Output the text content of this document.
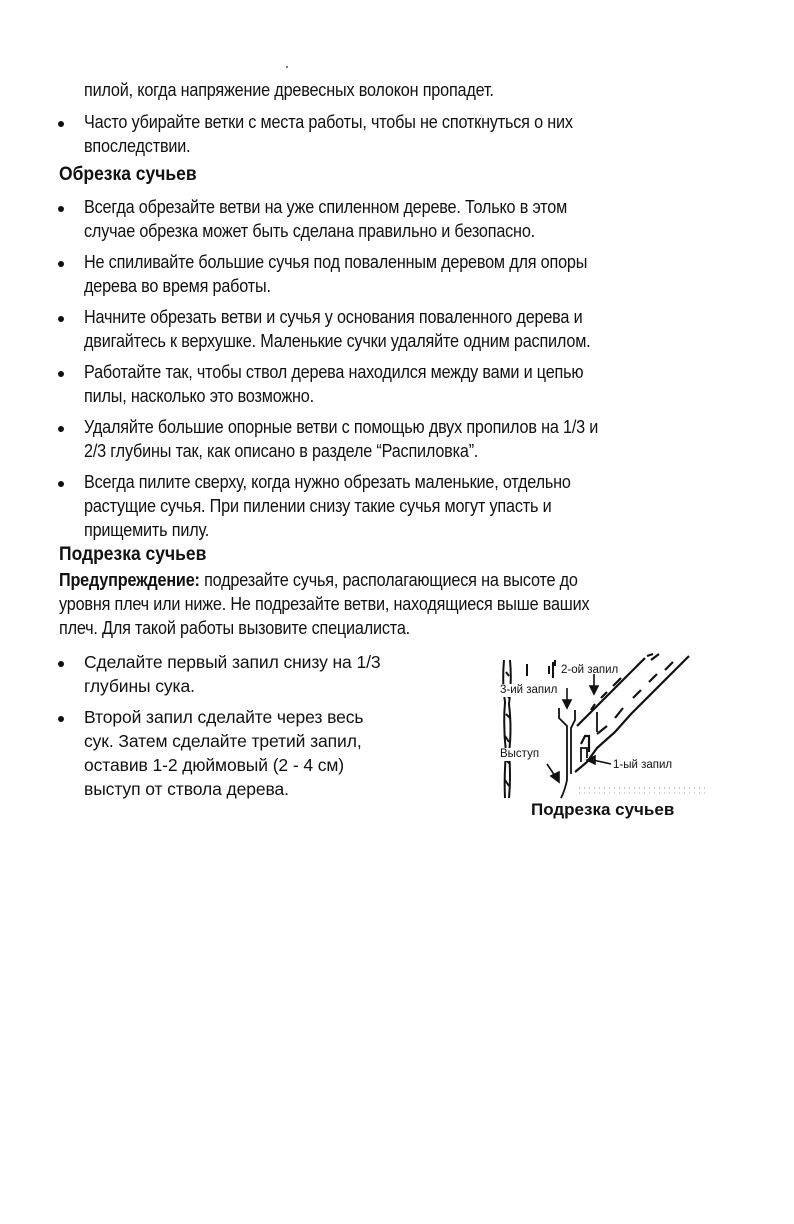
пилой, когда напряжение древесных волокон пропадет.
Часто убирайте ветки с места работы, чтобы не споткнуться о них
впоследствии.
Обрезка сучьев
Всегда обрезайте ветви на уже спиленном дереве. Только в этом
случае обрезка может быть сделана правильно и безопасно.
Не спиливайте большие сучья под поваленным деревом для опоры
дерева во время работы.
Начните обрезать ветви и сучья у основания поваленного дерева и
двигайтесь к верхушке. Маленькие сучки удаляйте одним распилом.
Работайте так, чтобы ствол дерева находился между вами и цепью
пилы, насколько это возможно.
Удаляйте большие опорные ветви с помощью двух пропилов на 1/3 и
2/3 глубины так, как описано в разделе “Распиловка”.
Всегда пилите сверху, когда нужно обрезать маленькие, отдельно
растущие сучья. При пилении снизу такие сучья могут упасть и
прищемить пилу.
Подрезка сучьев
Предупреждение: подрезайте сучья, располагающиеся на высоте до
уровня плеч или ниже. Не подрезайте ветви, находящиеся выше ваших
плеч. Для такой работы вызовите специалиста.
Сделайте первый запил снизу на 1/3
глубины сука.
Второй запил сделайте через весь
сук. Затем сделайте третий запил,
оставив 1-2 дюймовый (2 - 4 см)
выступ от ствола дерева.
2-ой запил
3-ий запил
Выступ
1-ый запил
Подрезка сучьев
